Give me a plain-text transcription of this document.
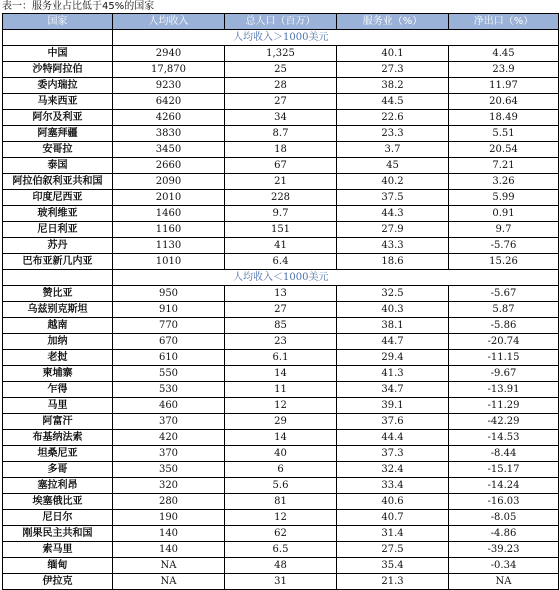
表一：服务业占比低于45%的国家
国家	人均收入	总人口（百万）	服务业（%）	净出口（%）
	人均收入＞1000美元			
中国	2940	1,325	40.1	4.45
沙特阿拉伯	17,870	25	27.3	23.9
委内瑞拉	9230	28	38.2	11.97
马来西亚	6420	27	44.5	20.64
阿尔及利亚	4260	34	22.6	18.49
阿塞拜疆	3830	8.7	23.3	5.51
安哥拉	3450	18	3.7	20.54
泰国	2660	67	45	7.21
阿拉伯叙利亚共和国	2090	21	40.2	3.26
印度尼西亚	2010	228	37.5	5.99
玻利维亚	1460	9.7	44.3	0.91
尼日利亚	1160	151	27.9	9.7
苏丹	1130	41	43.3	-5.76
巴布亚新几内亚	1010	6.4	18.6	15.26
	人均收入＜1000美元			
赞比亚	950	13	32.5	-5.67
乌兹别克斯坦	910	27	40.3	5.87
越南	770	85	38.1	-5.86
加纳	670	23	44.7	-20.74
老挝	610	6.1	29.4	-11.15
柬埔寨	550	14	41.3	-9.67
乍得	530	11	34.7	-13.91
马里	460	12	39.1	-11.29
阿富汗	370	29	37.6	-42.29
布基纳法索	420	14	44.4	-14.53
坦桑尼亚	370	40	37.3	-8.44
多哥	350	6	32.4	-15.17
塞拉利昂	320	5.6	33.4	-14.24
埃塞俄比亚	280	81	40.6	-16.03
尼日尔	190	12	40.7	-8.05
刚果民主共和国	140	62	31.4	-4.86
索马里	140	6.5	27.5	-39.23
缅甸	NA	48	35.4	-0.34
伊拉克	NA	31	21.3	NA
